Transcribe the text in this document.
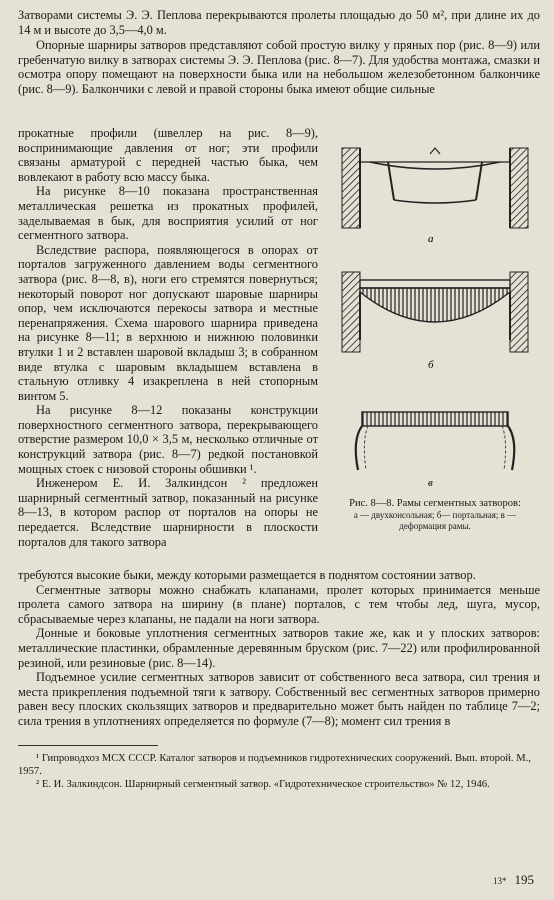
Затворами системы Э. Э. Пеплова перекрываются пролеты площадью до 50 м², при длине их до 14 м и высоте до 3,5—4,0 м.

Опорные шарниры затворов представляют собой простую вилку у пряных пор (рис. 8—9) или гребенчатую вилку в затворах системы Э. Э. Пеплова (рис. 8—7). Для удобства монтажа, смазки и осмотра опору помещают на поверхности быка или на небольшом железобетонном балкончике (рис. 8—9). Балкончики с левой и правой стороны быка имеют общие сильные

прокатные профили (швеллер на рис. 8—9), воспринимающие давления от ног; эти профили связаны арматурой с передней частью быка, чем вовлекают в работу всю массу быка.

На рисунке 8—10 показана пространственная металлическая решетка из прокатных профилей, заделываемая в бык, для восприятия усилий от ног сегментного затвора.

Вследствие распора, появляющегося в опорах от порталов загруженного давлением воды сегментного затвора (рис. 8—8, в), ноги его стремятся повернуться; некоторый поворот ног допускают шаровые шарниры опор, чем исключаются перекосы затвора и местные перенапряжения. Схема шарового шарнира приведена на рисунке 8—11; в верхнюю и нижнюю половинки втулки 1 и 2 вставлен шаровой вкладыш 3; в собранном виде втулка с шаровым вкладышем вставлена в стальную отливку 4 изакреплена в ней стопорным винтом 5.

На рисунке 8—12 показаны конструкции поверхностного сегментного затвора, перекрывающего отверстие размером 10,0 × 3,5 м, несколько отличные от конструкций затвора (рис. 8—7) редкой постановкой мощных стоек с низовой стороны обшивки ¹.

Инженером Е. И. Залкиндсон ² предложен шарнирный сегментный затвор, показанный на рисунке 8—13, в котором распор от порталов на опоры не передается. Вследствие шарнирности в плоскости порталов для такого затвора

а
б
в
Рис. 8—8. Рамы сегментных затворов:
а — двухконсольная; б— портальная; в — деформация рамы.

требуются высокие быки, между которыми размещается в поднятом состоянии затвор.

Сегментные затворы можно снабжать клапанами, пролет которых принимается меньше пролета самого затвора на ширину (в плане) порталов, с тем чтобы лед, шуга, мусор, сбрасываемые через клапаны, не падали на ноги затвора.

Донные и боковые уплотнения сегментных затворов такие же, как и у плоских затворов: металлические пластинки, обрамленные деревянным бруском (рис. 7—22) или профилированной резиной, или резиновые (рис. 8—14).

Подъемное усилие сегментных затворов зависит от собственного веса затвора, сил трения и места прикрепления подъемной тяги к затвору. Собственный вес сегментных затворов примерно равен весу плоских скользящих затворов и предварительно может быть найден по таблице 7—2; сила трения в уплотнениях определяется по формуле (7—8); момент сил трения в

¹ Гипроводхоз МСХ СССР. Каталог затворов и подъемников гидротехнических сооружений. Вып. второй. М., 1957.

² Е. И. Залкиндсон. Шарнирный сегментный затвор. «Гидротехническое строительство» № 12, 1946.

13* 195
